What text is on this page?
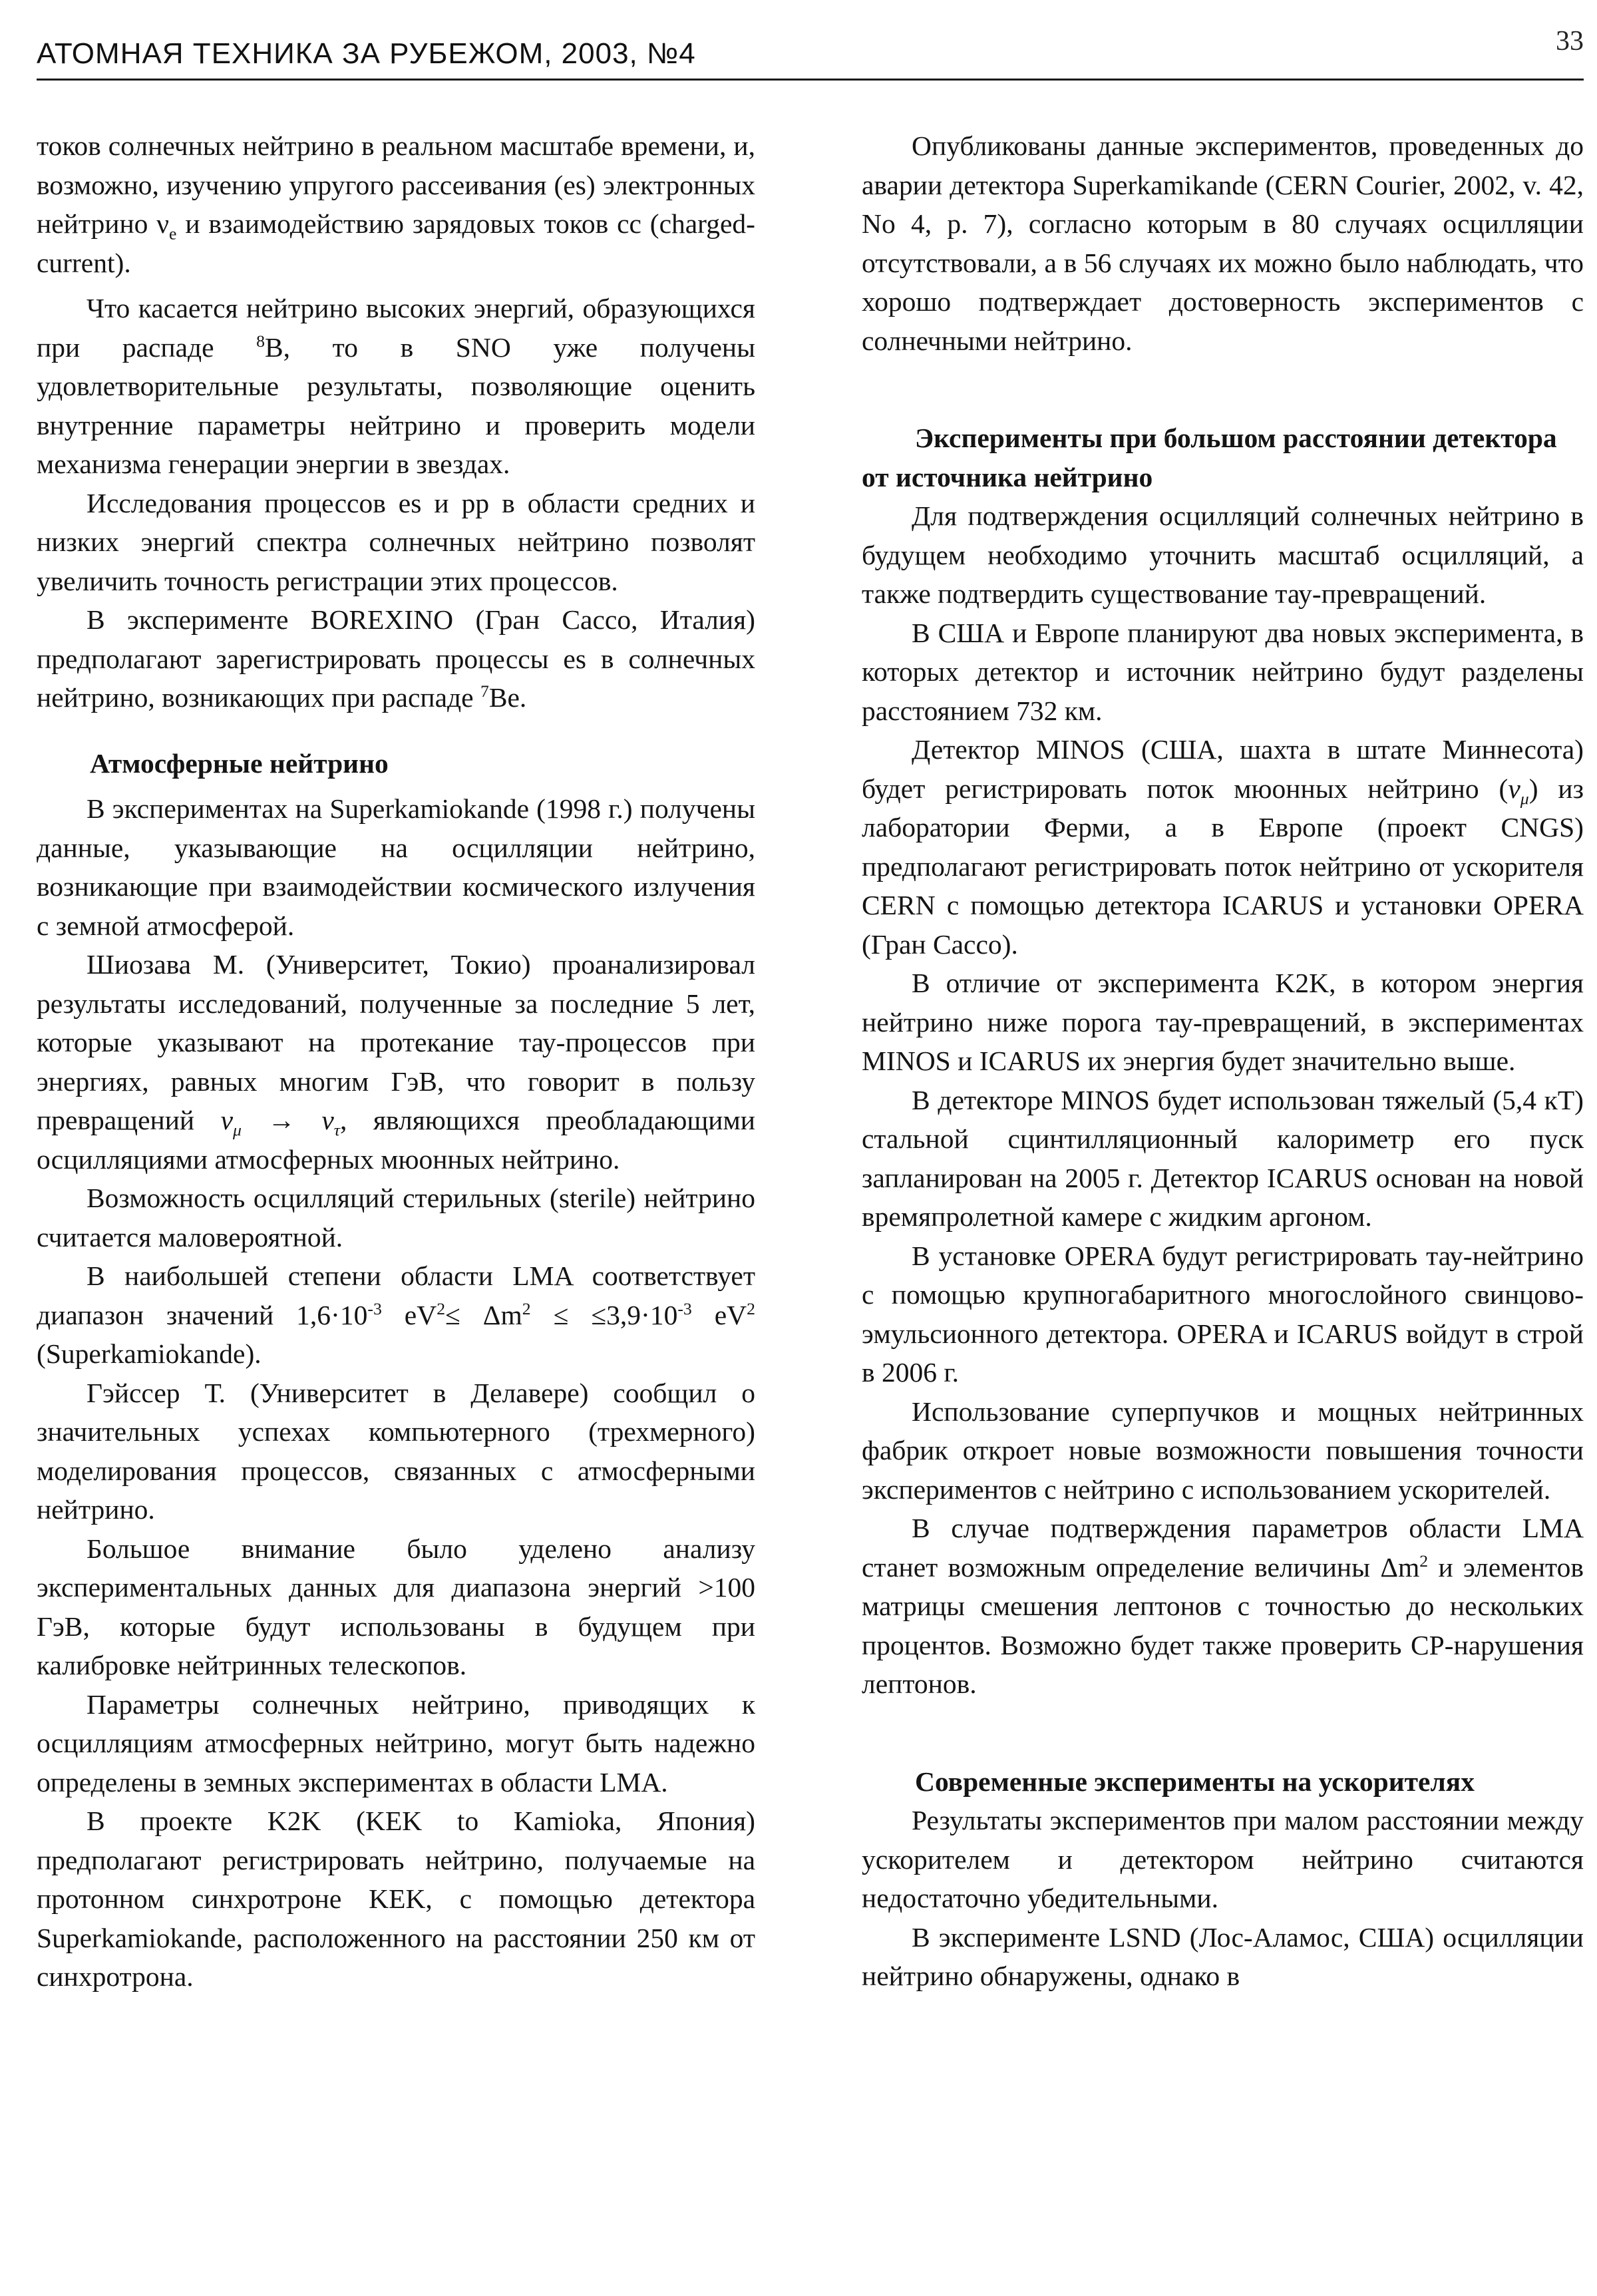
АТОМНАЯ ТЕХНИКА ЗА РУБЕЖОМ, 2003, №4	33

токов солнечных нейтрино в реальном масштабе времени, и, возможно, изучению упругого рассеивания (es) электронных нейтрино $\nu_e$ и взаимодействию зарядовых токов cc (charged-current).

Что касается нейтрино высоких энергий, образующихся при распаде $^8$B, то в SNO уже получены удовлетворительные результаты, позволяющие оценить внутренние параметры нейтрино и проверить модели механизма генерации энергии в звездах.

Исследования процессов es и pp в области средних и низких энергий спектра солнечных нейтрино позволят увеличить точность регистрации этих процессов.

В эксперименте BOREXINO (Гран Сассо, Италия) предполагают зарегистрировать процессы es в солнечных нейтрино, возникающих при распаде $^7$Be.

Атмосферные нейтрино

В экспериментах на Superkamiokande (1998 г.) получены данные, указывающие на осцилляции нейтрино, возникающие при взаимодействии космического излучения с земной атмосферой.

Шиозава М. (Университет, Токио) проанализировал результаты исследований, полученные за последние 5 лет, которые указывают на протекание тау-процессов при энергиях, равных многим ГэВ, что говорит в пользу превращений $\nu_\mu \to \nu_\tau$, являющихся преобладающими осцилляциями атмосферных мюонных нейтрино.

Возможность осцилляций стерильных (sterile) нейтрино считается маловероятной.

В наибольшей степени области LMA соответствует диапазон значений $1,6\cdot 10^{-3}$ $eV^2\le \Delta m^2 \le \le 3,9\cdot 10^{-3}$ $eV^2$ (Superkamiokande).

Гэйссер Т. (Университет в Делавере) сообщил о значительных успехах компьютерного (трехмерного) моделирования процессов, связанных с атмосферными нейтрино.

Большое внимание было уделено анализу экспериментальных данных для диапазона энергий >100 ГэВ, которые будут использованы в будущем при калибровке нейтринных телескопов.

Параметры солнечных нейтрино, приводящих к осцилляциям атмосферных нейтрино, могут быть надежно определены в земных экспериментах в области LMA.

В проекте K2K (KEK to Kamioka, Япония) предполагают регистрировать нейтрино, получаемые на протонном синхротроне KEK, с помощью детектора Superkamiokande, расположенного на расстоянии 250 км от синхротрона.

Опубликованы данные экспериментов, проведенных до аварии детектора Superkamikande (CERN Courier, 2002, v. 42, No 4, p. 7), согласно которым в 80 случаях осцилляции отсутствовали, а в 56 случаях их можно было наблюдать, что хорошо подтверждает достоверность экспериментов с солнечными нейтрино.

Эксперименты при большом расстоянии детектора от источника нейтрино

Для подтверждения осцилляций солнечных нейтрино в будущем необходимо уточнить масштаб осцилляций, а также подтвердить существование тау-превращений.

В США и Европе планируют два новых эксперимента, в которых детектор и источник нейтрино будут разделены расстоянием 732 км.

Детектор MINOS (США, шахта в штате Миннесота) будет регистрировать поток мюонных нейтрино $(\nu_\mu)$ из лаборатории Ферми, а в Европе (проект CNGS) предполагают регистрировать поток нейтрино от ускорителя CERN с помощью детектора ICARUS и установки OPERA (Гран Сассо).

В отличие от эксперимента K2K, в котором энергия нейтрино ниже порога тау-превращений, в экспериментах MINOS и ICARUS их энергия будет значительно выше.

В детекторе MINOS будет использован тяжелый (5,4 кТ) стальной сцинтилляционный калориметр его пуск запланирован на 2005 г. Детектор ICARUS основан на новой времяпролетной камере с жидким аргоном.

В установке OPERA будут регистрировать тау-нейтрино с помощью крупногабаритного многослойного свинцово-эмульсионного детектора. OPERA и ICARUS войдут в строй в 2006 г.

Использование суперпучков и мощных нейтринных фабрик откроет новые возможности повышения точности экспериментов с нейтрино с использованием ускорителей.

В случае подтверждения параметров области LMA станет возможным определение величины $\Delta m^2$ и элементов матрицы смешения лептонов с точностью до нескольких процентов. Возможно будет также проверить CP-нарушения лептонов.

Современные эксперименты на ускорителях

Результаты экспериментов при малом расстоянии между ускорителем и детектором нейтрино считаются недостаточно убедительными.

В эксперименте LSND (Лос-Аламос, США) осцилляции нейтрино обнаружены, однако в
